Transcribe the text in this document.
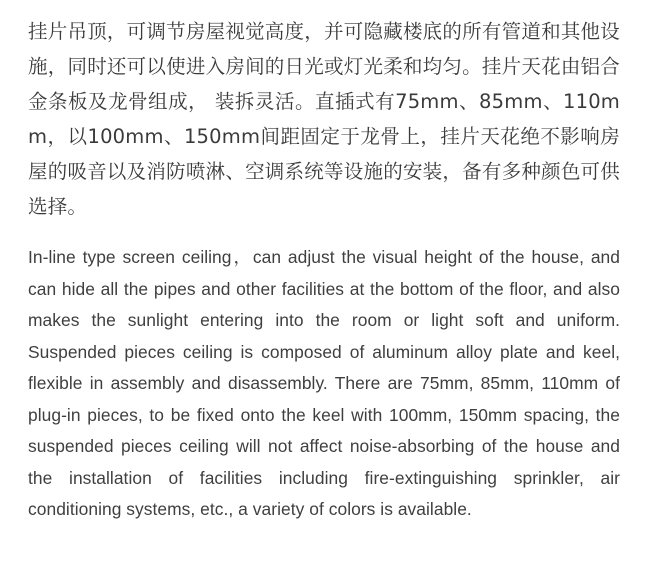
挂片吊顶，可调节房屋视觉高度，并可隐藏楼底的所有管道和其他设施，同时还可以使进入房间的日光或灯光柔和均匀。挂片天花由铝合金条板及龙骨组成， 装拆灵活。直插式有75mm、85mm、110mm，以100mm、150mm间距固定于龙骨上，挂片天花绝不影响房屋的吸音以及消防喷淋、空调系统等设施的安装，备有多种颜色可供选择。

In-line type screen ceiling，can adjust the visual height of the house, and can hide all the pipes and other facilities at the bottom of the floor, and also makes the sunlight entering into the room or light soft and uniform. Suspended pieces ceiling is composed of aluminum alloy plate and keel, flexible in assembly and disassembly. There are 75mm, 85mm, 110mm of plug-in pieces, to be fixed onto the keel with 100mm, 150mm spacing, the suspended pieces ceiling will not affect noise-absorbing of the house and the installation of facilities including fire-extinguishing sprinkler, air conditioning systems, etc., a variety of colors is available.
